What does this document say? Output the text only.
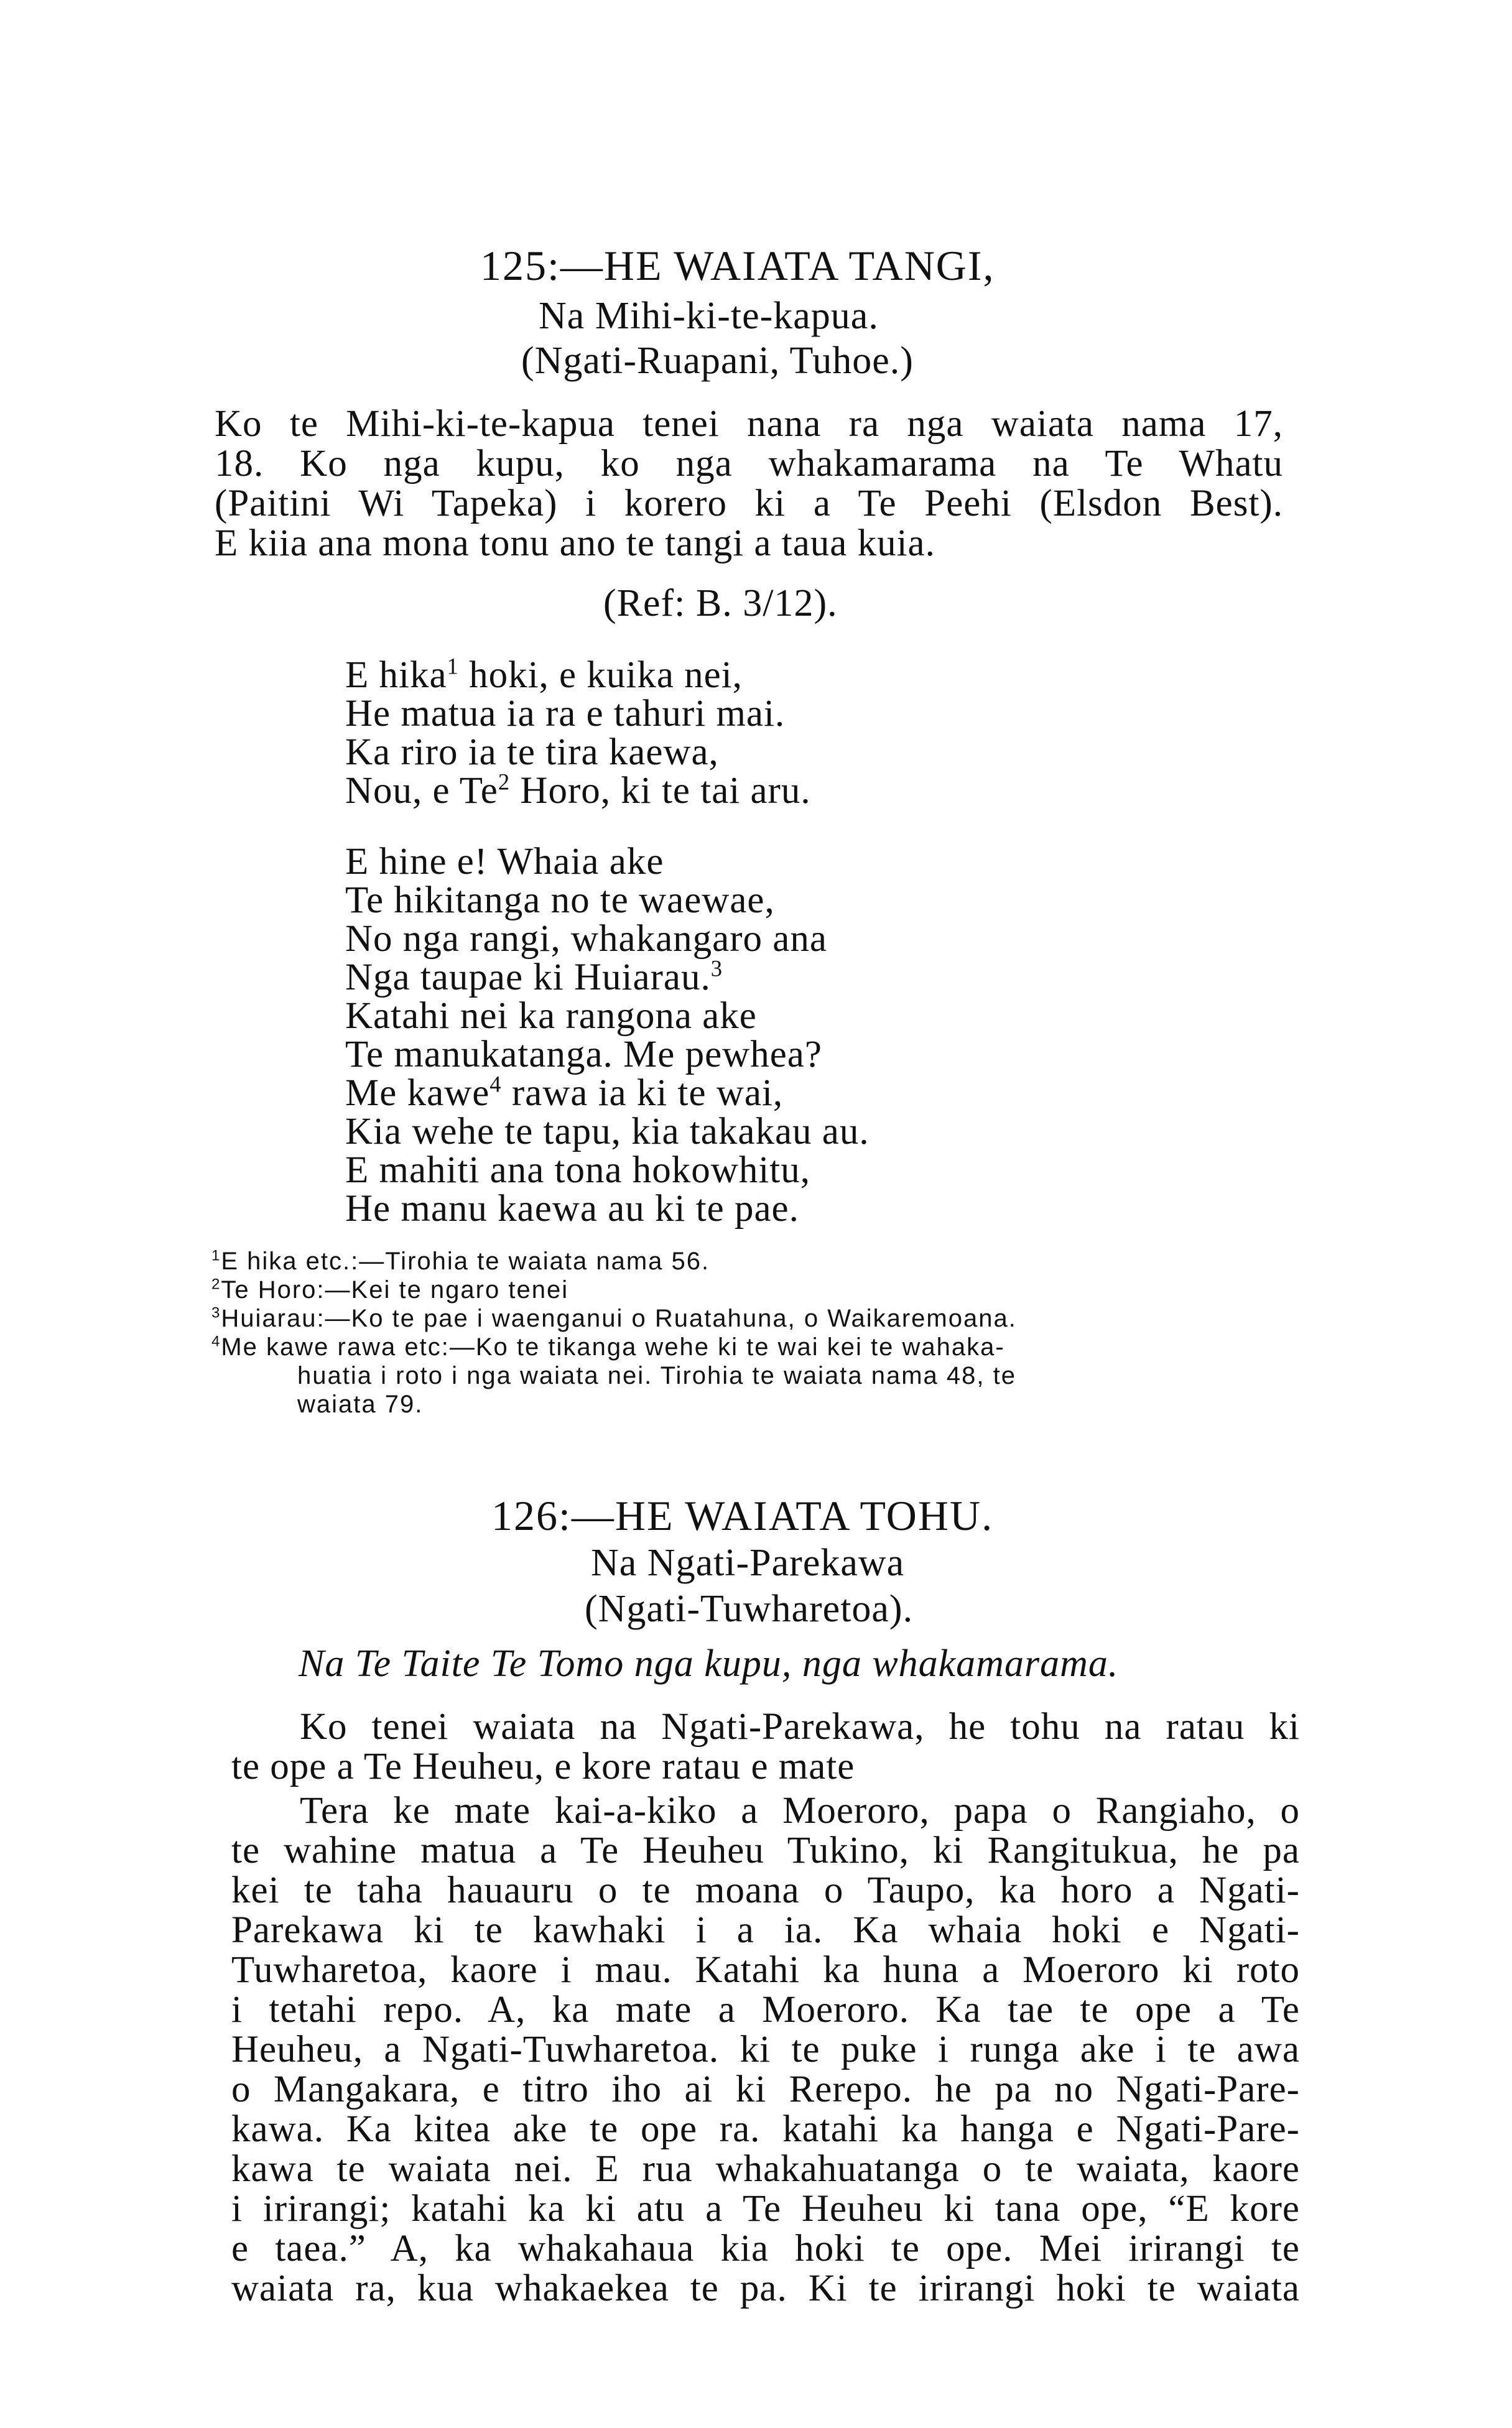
125:—HE WAIATA TANGI,
Na Mihi-ki-te-kapua.
(Ngati-Ruapani, Tuhoe.)
Ko te Mihi-ki-te-kapua tenei nana ra nga waiata nama 17,
18. Ko nga kupu, ko nga whakamarama na Te Whatu
(Paitini Wi Tapeka) i korero ki a Te Peehi (Elsdon Best).
E kiia ana mona tonu ano te tangi a taua kuia.
(Ref: B. 3/12).
E hika$^1$ hoki, e kuika nei,
He matua ia ra e tahuri mai.
Ka riro ia te tira kaewa,
Nou, e Te$^2$ Horo, ki te tai aru.
E hine e! Whaia ake
Te hikitanga no te waewae,
No nga rangi, whakangaro ana
Nga taupae ki Huiarau.$^3$
Katahi nei ka rangona ake
Te manukatanga. Me pewhea?
Me kawe$^4$ rawa ia ki te wai,
Kia wehe te tapu, kia takakau au.
E mahiti ana tona hokowhitu,
He manu kaewa au ki te pae.
$^1$E hika etc.:—Tirohia te waiata nama 56.
$^2$Te Horo:—Kei te ngaro tenei
$^3$Huiarau:—Ko te pae i waenganui o Ruatahuna, o Waikaremoana.
$^4$Me kawe rawa etc:—Ko te tikanga wehe ki te wai kei te wahaka-
huatia i roto i nga waiata nei. Tirohia te waiata nama 48, te
waiata 79.
126:—HE WAIATA TOHU.
Na Ngati-Parekawa
(Ngati-Tuwharetoa).
Na Te Taite Te Tomo nga kupu, nga whakamarama.
Ko tenei waiata na Ngati-Parekawa, he tohu na ratau ki
te ope a Te Heuheu, e kore ratau e mate
Tera ke mate kai-a-kiko a Moeroro, papa o Rangiaho, o
te wahine matua a Te Heuheu Tukino, ki Rangitukua, he pa
kei te taha hauauru o te moana o Taupo, ka horo a Ngati-
Parekawa ki te kawhaki i a ia. Ka whaia hoki e Ngati-
Tuwharetoa, kaore i mau. Katahi ka huna a Moeroro ki roto
i tetahi repo. A, ka mate a Moeroro. Ka tae te ope a Te
Heuheu, a Ngati-Tuwharetoa. ki te puke i runga ake i te awa
o Mangakara, e titro iho ai ki Rerepo. he pa no Ngati-Pare-
kawa. Ka kitea ake te ope ra. katahi ka hanga e Ngati-Pare-
kawa te waiata nei. E rua whakahuatanga o te waiata, kaore
i irirangi; katahi ka ki atu a Te Heuheu ki tana ope, “E kore
e taea.” A, ka whakahaua kia hoki te ope. Mei irirangi te
waiata ra, kua whakaekea te pa. Ki te irirangi hoki te waiata
